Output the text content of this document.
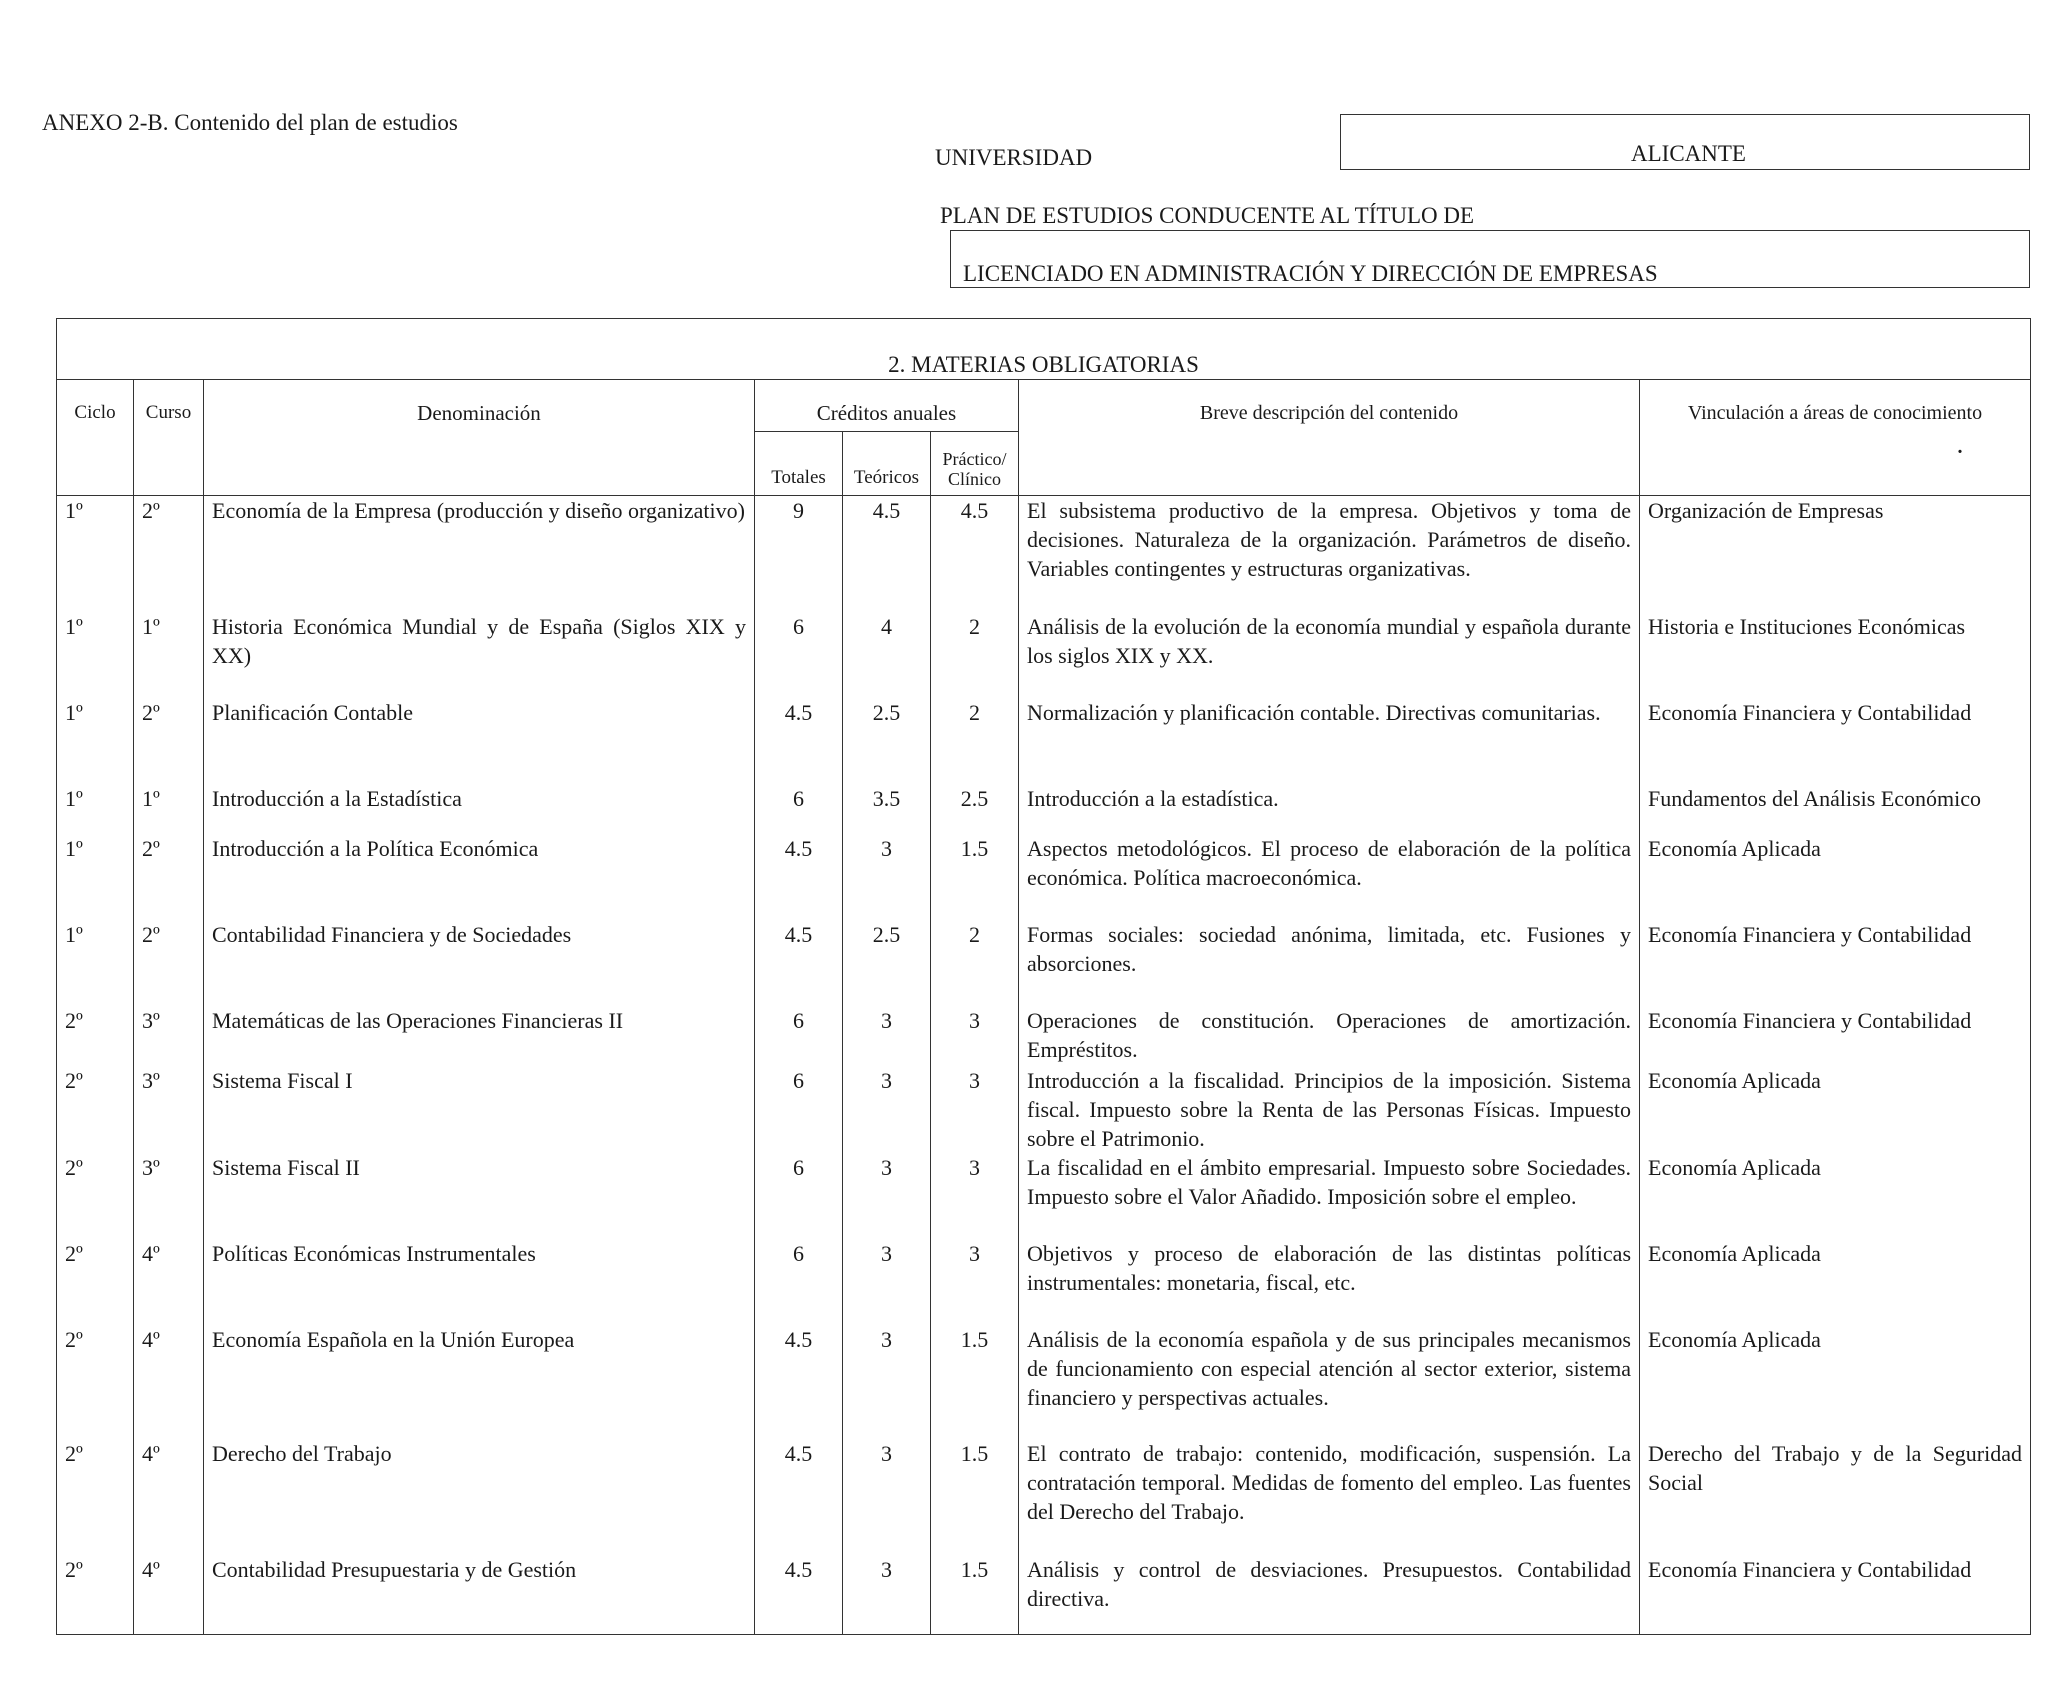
ANEXO 2-B. Contenido del plan de estudios
UNIVERSIDAD	ALICANTE
PLAN DE ESTUDIOS CONDUCENTE AL TÍTULO DE
LICENCIADO EN ADMINISTRACIÓN Y DIRECCIÓN DE EMPRESAS
2. MATERIAS OBLIGATORIAS							
Ciclo	Curso	Denominación	Créditos anuales			Breve descripción del contenido	Vinculación a áreas de conocimiento
.

			Totales	Teóricos	Práctico/ Clínico		
1º	2º	Economía de la Empresa (producción y diseño organizativo)	9	4.5	4.5	El subsistema productivo de la empresa. Objetivos y toma de decisiones. Naturaleza de la organización. Parámetros de diseño. Variables contingentes y estructuras organizativas.	Organización de Empresas
1º	1º	Historia Económica Mundial y de España (Siglos XIX y XX)	6	4	2	Análisis de la evolución de la economía mundial y española durante los siglos XIX y XX.	Historia e Instituciones Económicas
1º	2º	Planificación Contable	4.5	2.5	2	Normalización y planificación contable. Directivas comunitarias.	Economía Financiera y Contabilidad
1º	1º	Introducción a la Estadística	6	3.5	2.5	Introducción a la estadística.	Fundamentos del Análisis Económico
1º	2º	Introducción a la Política Económica	4.5	3	1.5	Aspectos metodológicos. El proceso de elaboración de la política económica. Política macroeconómica.	Economía Aplicada
1º	2º	Contabilidad Financiera y de Sociedades	4.5	2.5	2	Formas sociales: sociedad anónima, limitada, etc. Fusiones y absorciones.	Economía Financiera y Contabilidad
2º	3º	Matemáticas de las Operaciones Financieras II	6	3	3	Operaciones de constitución. Operaciones de amortización. Empréstitos.	Economía Financiera y Contabilidad
2º	3º	Sistema Fiscal I	6	3	3	Introducción a la fiscalidad. Principios de la imposición. Sistema fiscal. Impuesto sobre la Renta de las Personas Físicas. Impuesto sobre el Patrimonio.	Economía Aplicada
2º	3º	Sistema Fiscal II	6	3	3	La fiscalidad en el ámbito empresarial. Impuesto sobre Sociedades. Impuesto sobre el Valor Añadido. Imposición sobre el empleo.	Economía Aplicada
2º	4º	Políticas Económicas Instrumentales	6	3	3	Objetivos y proceso de elaboración de las distintas políticas instrumentales: monetaria, fiscal, etc.	Economía Aplicada
2º	4º	Economía Española en la Unión Europea	4.5	3	1.5	Análisis de la economía española y de sus principales mecanismos de funcionamiento con especial atención al sector exterior, sistema financiero y perspectivas actuales.	Economía Aplicada
2º	4º	Derecho del Trabajo	4.5	3	1.5	El contrato de trabajo: contenido, modificación, suspensión. La contratación temporal. Medidas de fomento del empleo. Las fuentes del Derecho del Trabajo.	Derecho del Trabajo y de la Seguridad Social
2º	4º	Contabilidad Presupuestaria y de Gestión	4.5	3	1.5	Análisis y control de desviaciones. Presupuestos. Contabilidad directiva.	Economía Financiera y Contabilidad
